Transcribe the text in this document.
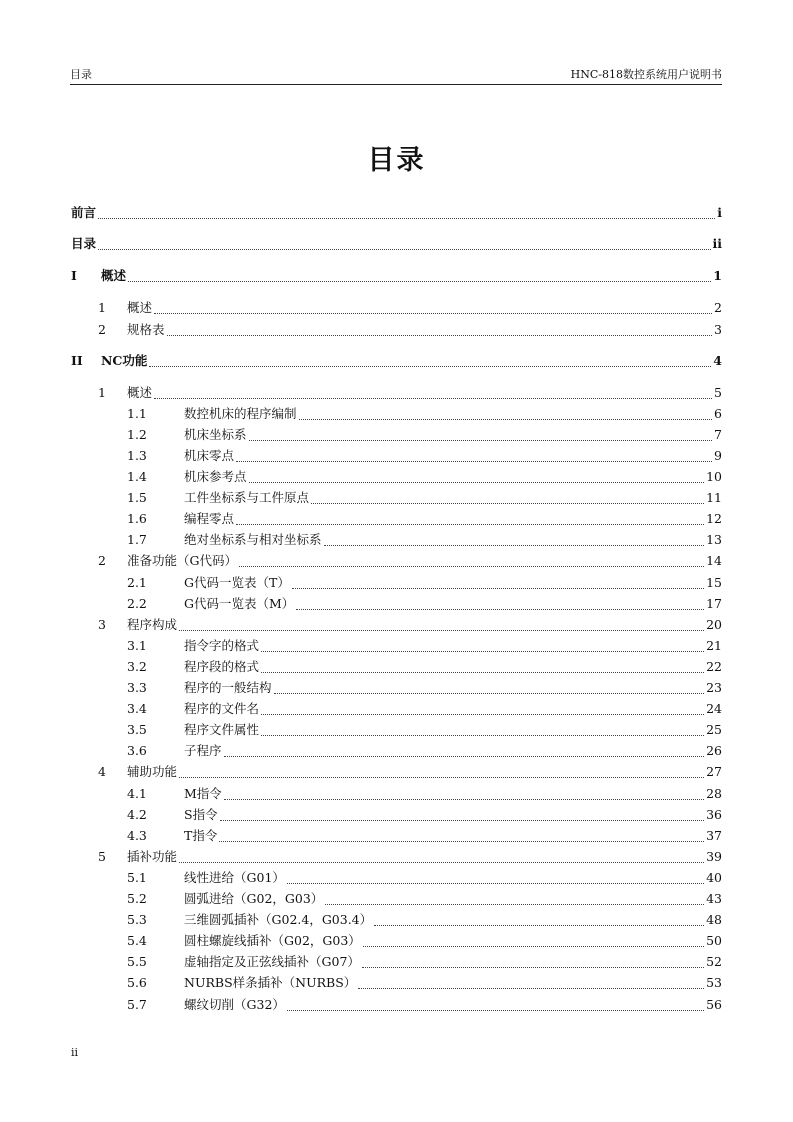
目录	HNC-818数控系统用户说明书
目录
前言	i
目录	ii
I	概述	1
1	概述	2
2	规格表	3
II	NC功能	4
1	概述	5
1.1	数控机床的程序编制	6
1.2	机床坐标系	7
1.3	机床零点	9
1.4	机床参考点	10
1.5	工件坐标系与工件原点	11
1.6	编程零点	12
1.7	绝对坐标系与相对坐标系	13
2	准备功能（G代码）	14
2.1	G代码一览表（T）	15
2.2	G代码一览表（M）	17
3	程序构成	20
3.1	指令字的格式	21
3.2	程序段的格式	22
3.3	程序的一般结构	23
3.4	程序的文件名	24
3.5	程序文件属性	25
3.6	子程序	26
4	辅助功能	27
4.1	M指令	28
4.2	S指令	36
4.3	T指令	37
5	插补功能	39
5.1	线性进给（G01）	40
5.2	圆弧进给（G02，G03）	43
5.3	三维圆弧插补（G02.4，G03.4）	48
5.4	圆柱螺旋线插补（G02，G03）	50
5.5	虚轴指定及正弦线插补（G07）	52
5.6	NURBS样条插补（NURBS）	53
5.7	螺纹切削（G32）	56
ii
